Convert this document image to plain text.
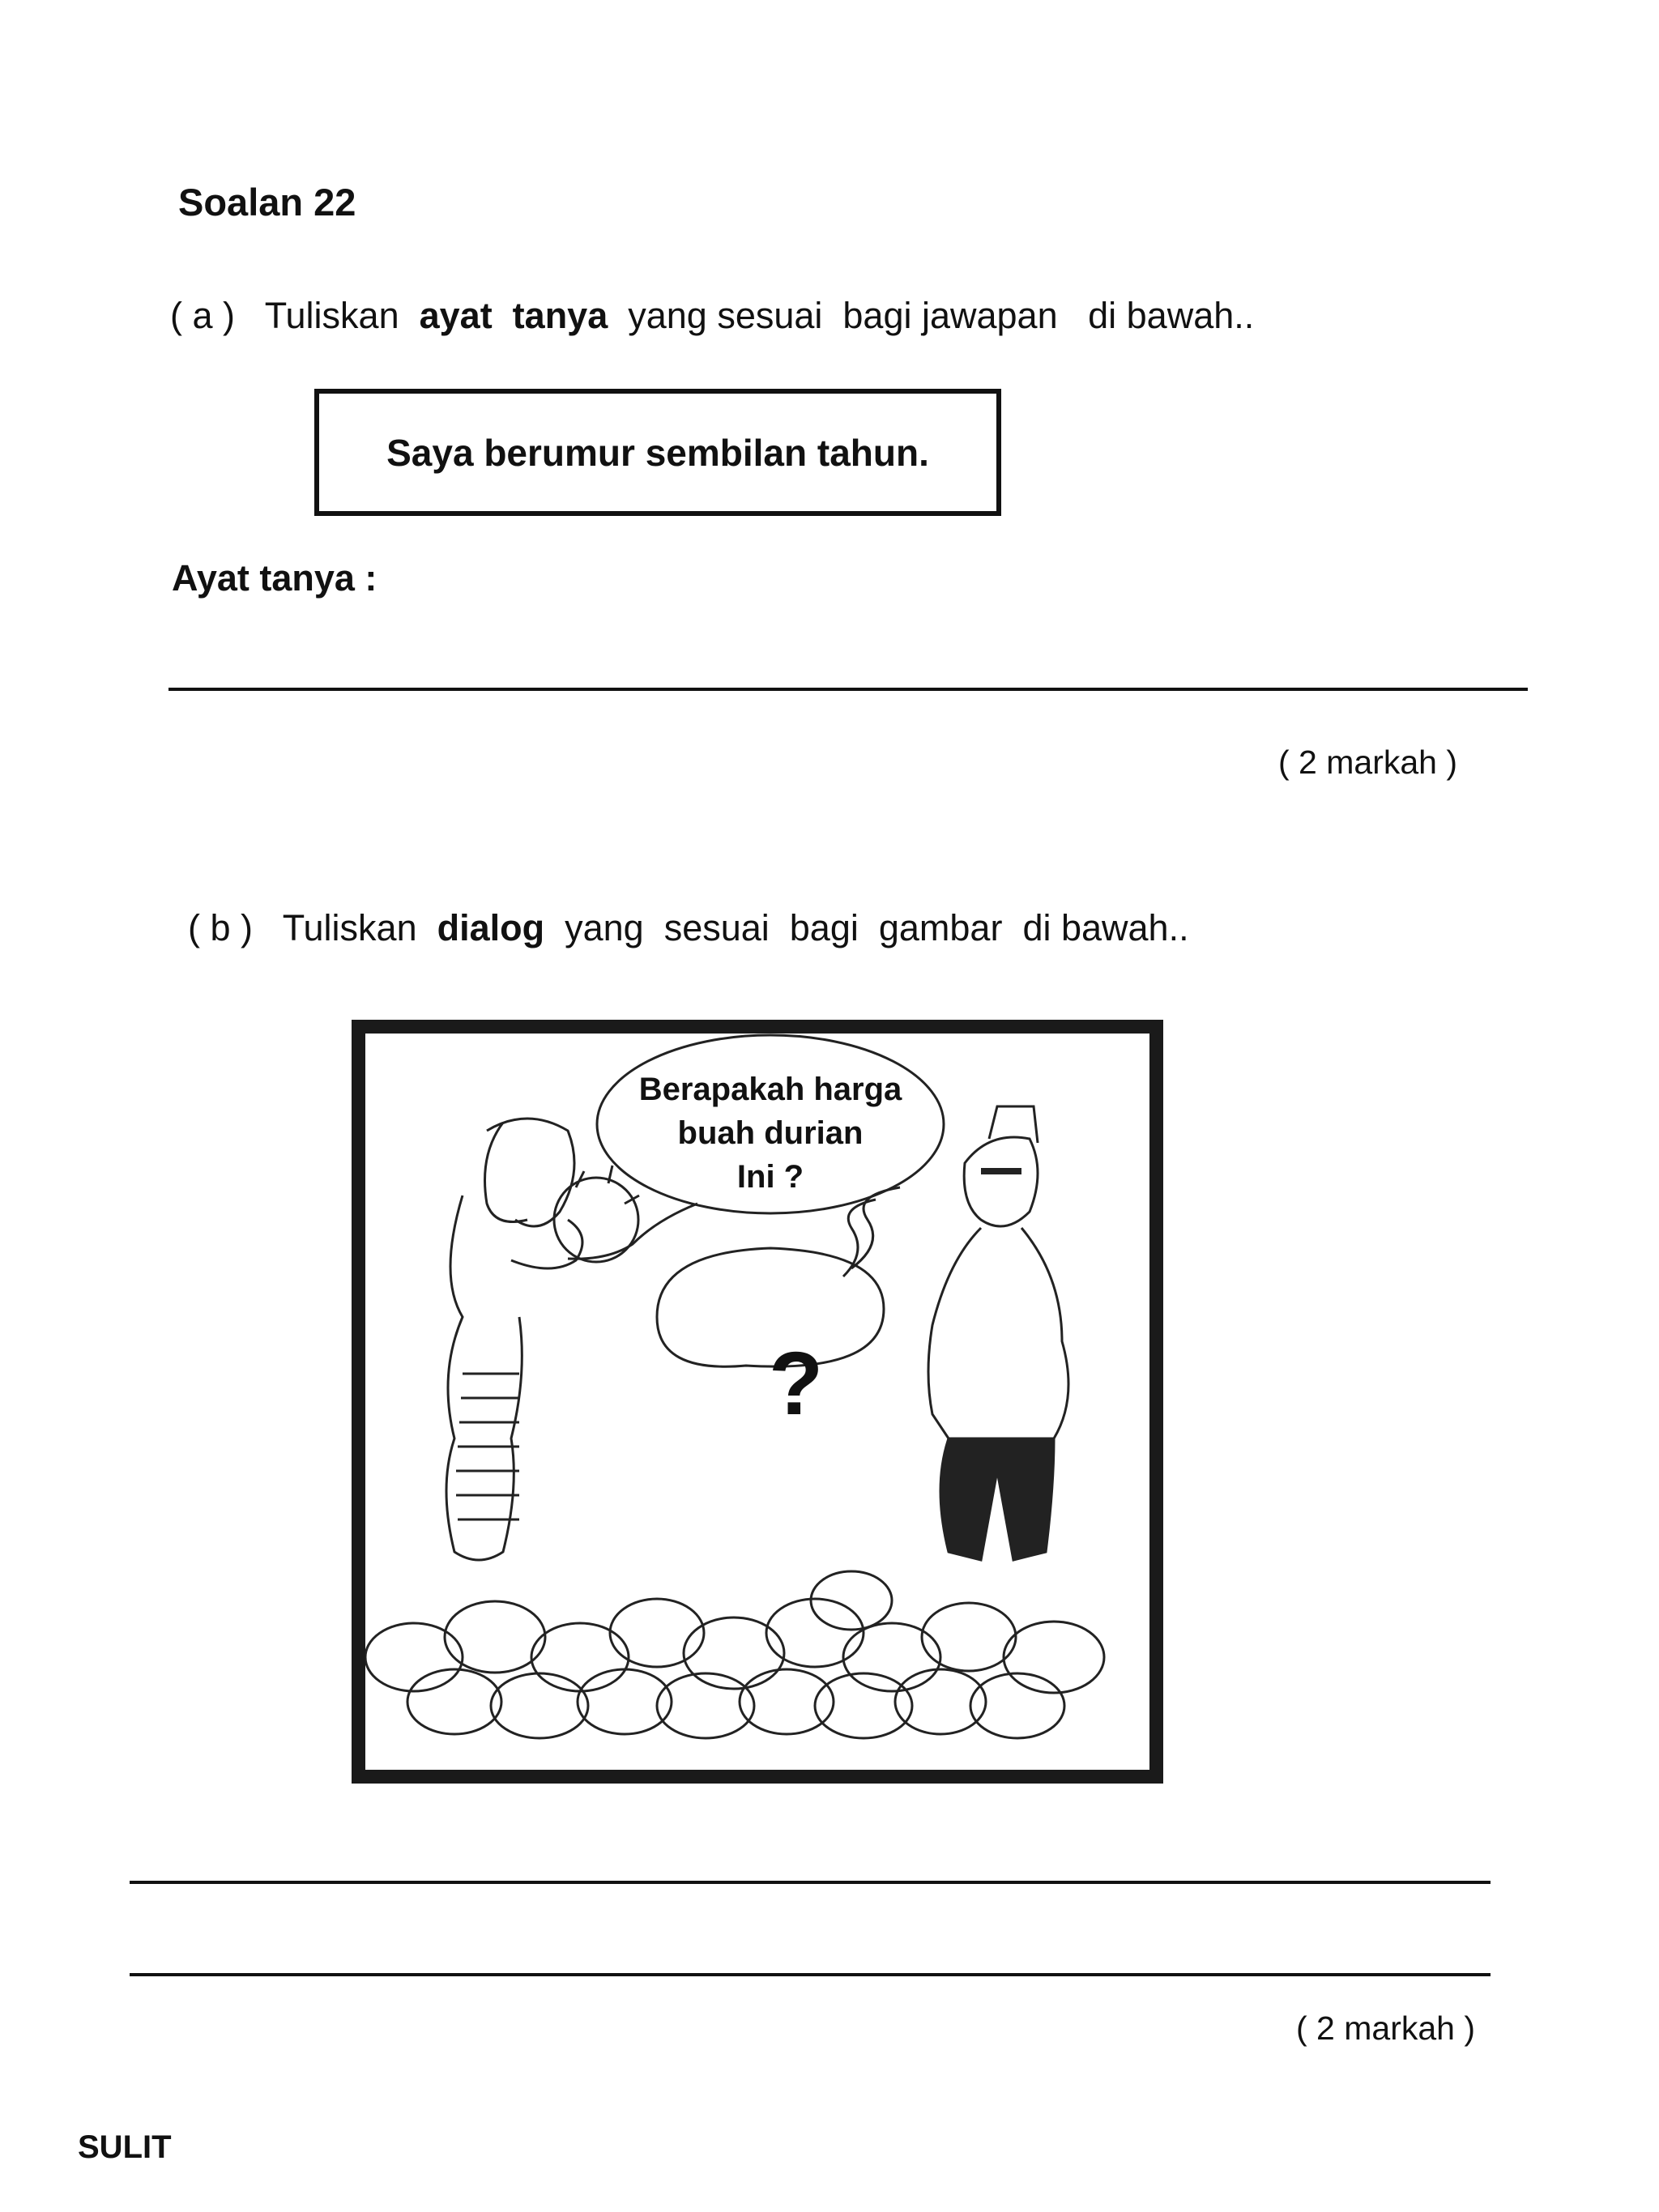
Soalan 22
( a )   Tuliskan  ayat  tanya  yang sesuai  bagi jawapan   di bawah..
Saya berumur sembilan tahun.
Ayat tanya :
( 2 markah )
( b )   Tuliskan  dialog  yang  sesuai  bagi  gambar  di bawah..
Berapakah harga
buah durian
Ini ?
?
( 2 markah )
SULIT
